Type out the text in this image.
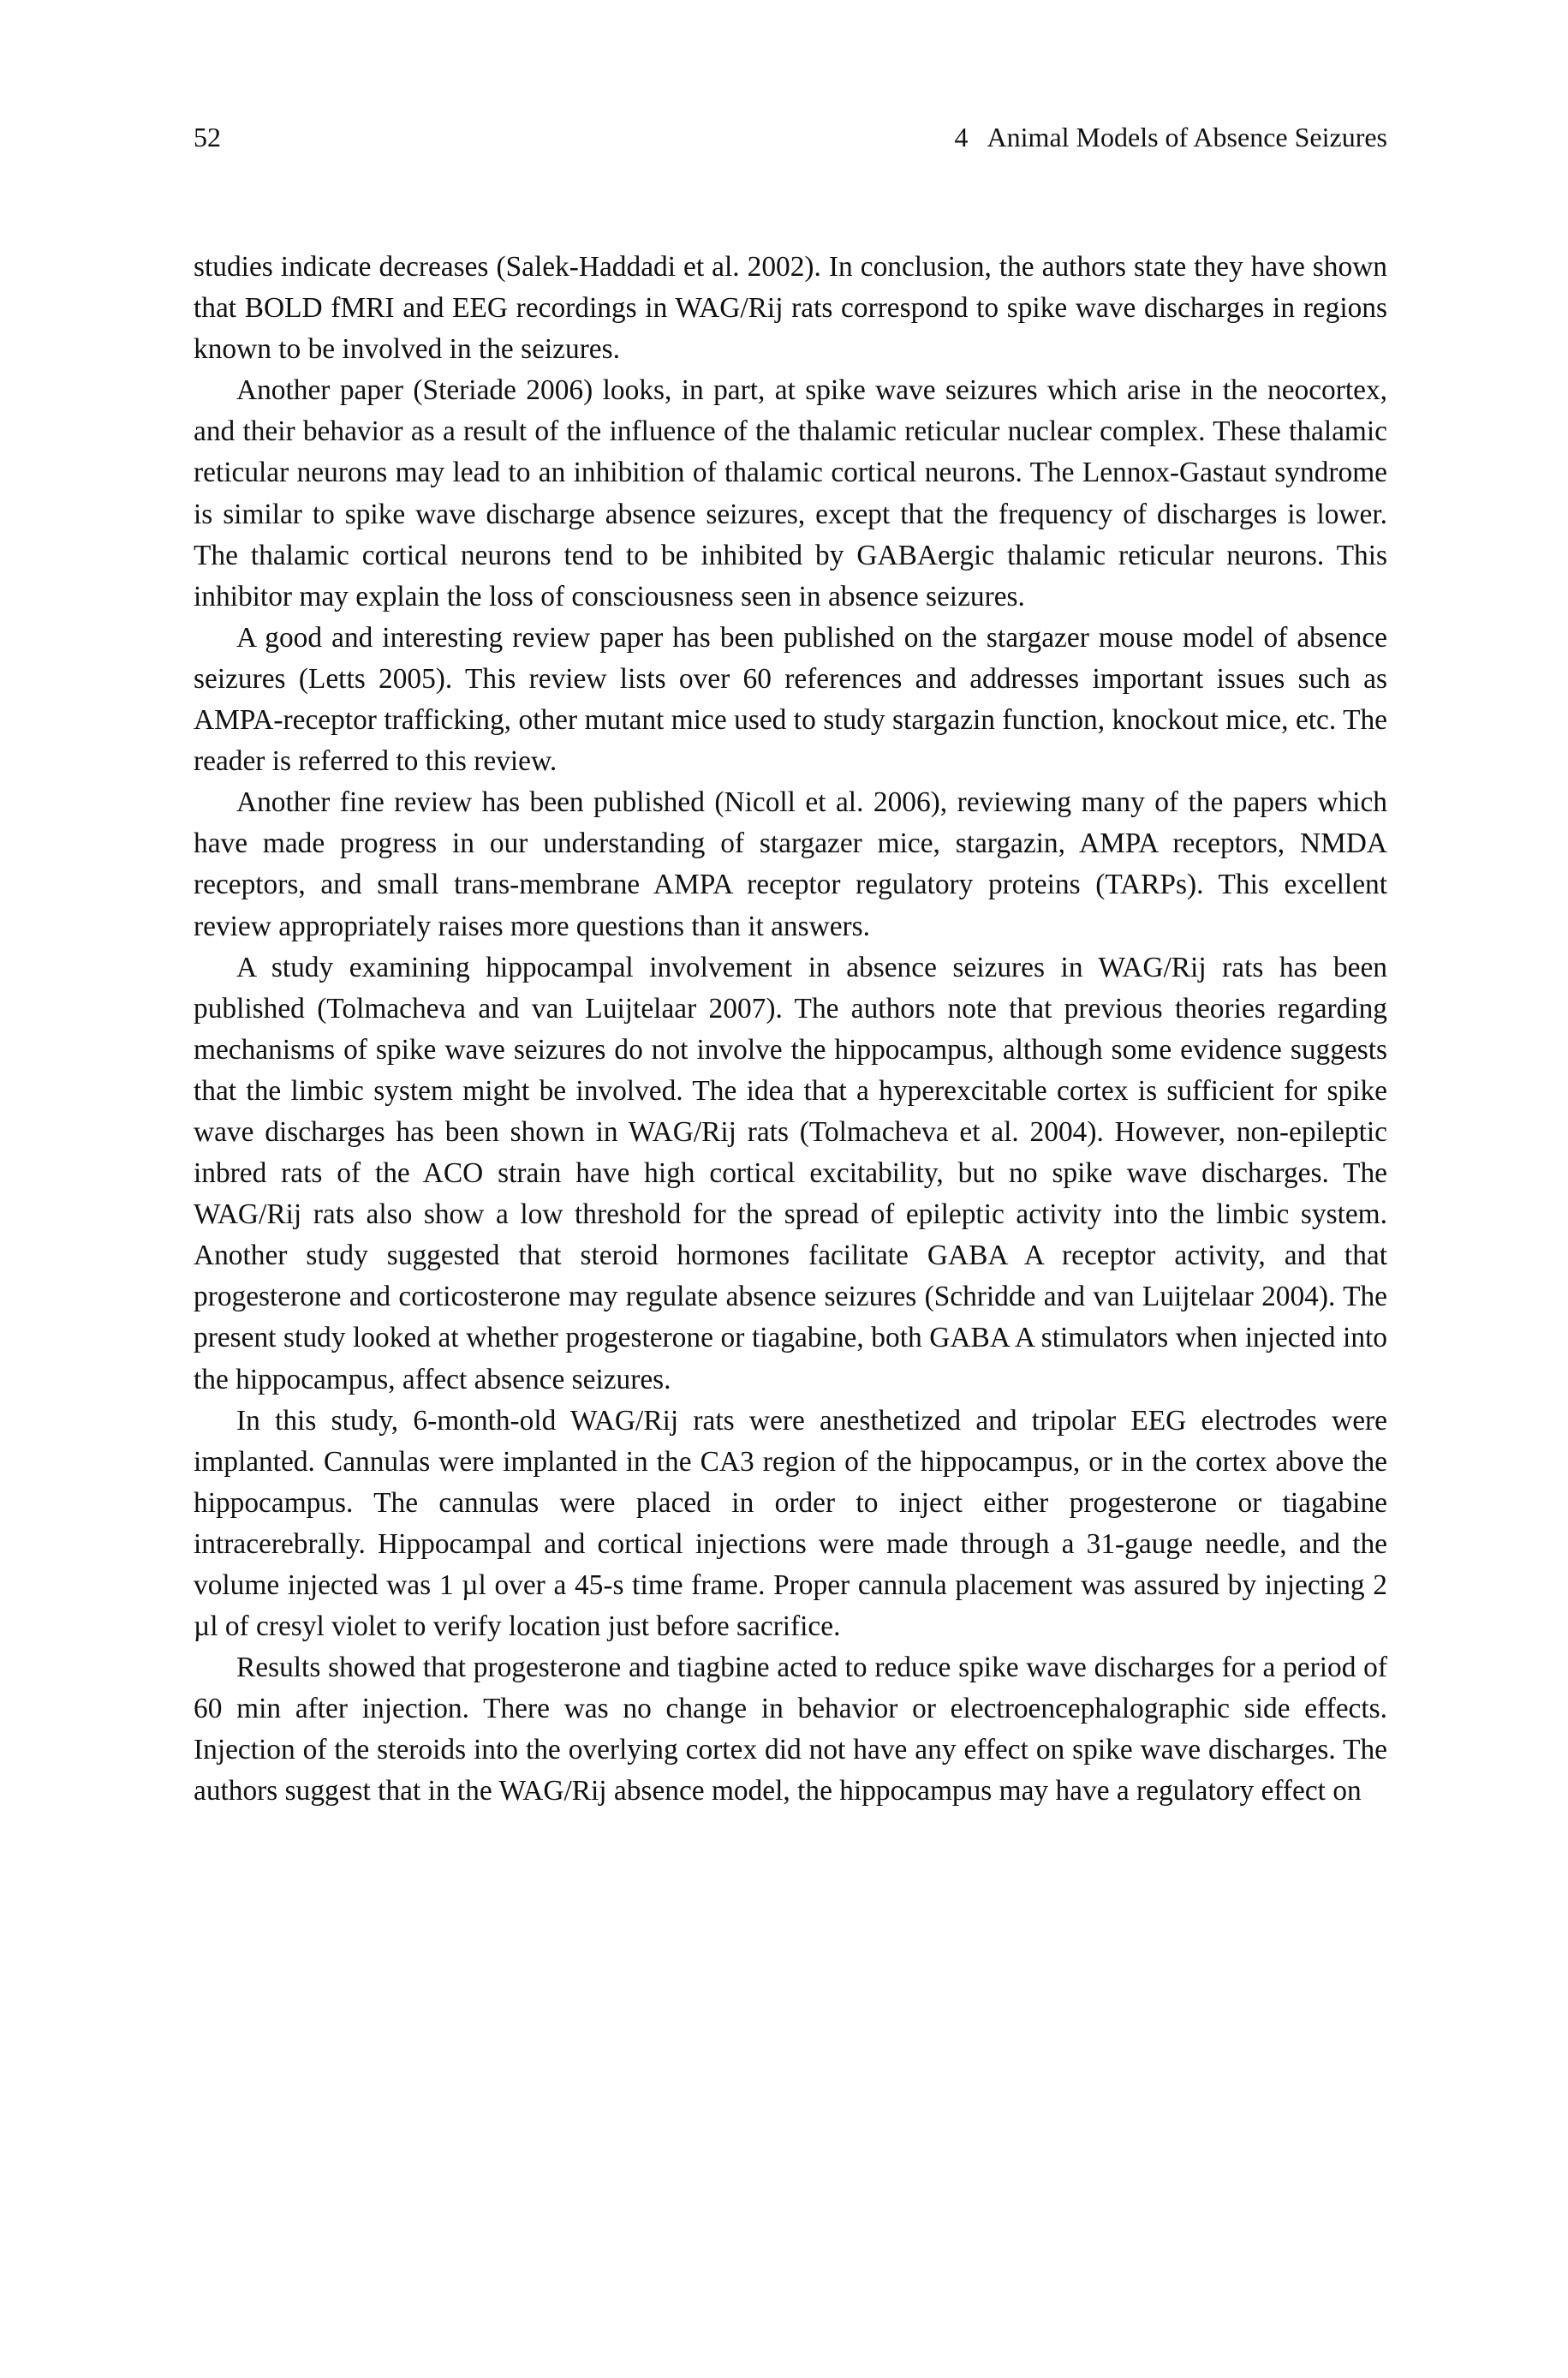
52	4 Animal Models of Absence Seizures

studies indicate decreases (Salek-Haddadi et al. 2002). In conclusion, the authors state they have shown that BOLD fMRI and EEG recordings in WAG/Rij rats correspond to spike wave discharges in regions known to be involved in the seizures.

Another paper (Steriade 2006) looks, in part, at spike wave seizures which arise in the neocortex, and their behavior as a result of the influence of the thalamic reticular nuclear complex. These thalamic reticular neurons may lead to an inhibition of thalamic cortical neurons. The Lennox-Gastaut syndrome is similar to spike wave discharge absence seizures, except that the frequency of discharges is lower. The thalamic cortical neurons tend to be inhibited by GABAergic thalamic reticular neurons. This inhibitor may explain the loss of consciousness seen in absence seizures.

A good and interesting review paper has been published on the stargazer mouse model of absence seizures (Letts 2005). This review lists over 60 references and addresses important issues such as AMPA-receptor trafficking, other mutant mice used to study stargazin function, knockout mice, etc. The reader is referred to this review.

Another fine review has been published (Nicoll et al. 2006), reviewing many of the papers which have made progress in our understanding of stargazer mice, stargazin, AMPA receptors, NMDA receptors, and small trans-membrane AMPA receptor regulatory proteins (TARPs). This excellent review appropriately raises more questions than it answers.

A study examining hippocampal involvement in absence seizures in WAG/Rij rats has been published (Tolmacheva and van Luijtelaar 2007). The authors note that previous theories regarding mechanisms of spike wave seizures do not involve the hippocampus, although some evidence suggests that the limbic system might be involved. The idea that a hyperexcitable cortex is sufficient for spike wave discharges has been shown in WAG/Rij rats (Tolmacheva et al. 2004). However, non-epileptic inbred rats of the ACO strain have high cortical excitability, but no spike wave discharges. The WAG/Rij rats also show a low threshold for the spread of epileptic activity into the limbic system. Another study suggested that steroid hormones facilitate GABA A receptor activity, and that progesterone and corticosterone may regulate absence seizures (Schridde and van Luijtelaar 2004). The present study looked at whether progesterone or tiagabine, both GABA A stimulators when injected into the hippocampus, affect absence seizures.

In this study, 6-month-old WAG/Rij rats were anesthetized and tripolar EEG electrodes were implanted. Cannulas were implanted in the CA3 region of the hippocampus, or in the cortex above the hippocampus. The cannulas were placed in order to inject either progesterone or tiagabine intracerebrally. Hippocampal and cortical injections were made through a 31-gauge needle, and the volume injected was 1 µl over a 45-s time frame. Proper cannula placement was assured by injecting 2 µl of cresyl violet to verify location just before sacrifice.

Results showed that progesterone and tiagbine acted to reduce spike wave discharges for a period of 60 min after injection. There was no change in behavior or electroencephalographic side effects. Injection of the steroids into the overlying cortex did not have any effect on spike wave discharges. The authors suggest that in the WAG/Rij absence model, the hippocampus may have a regulatory effect on
